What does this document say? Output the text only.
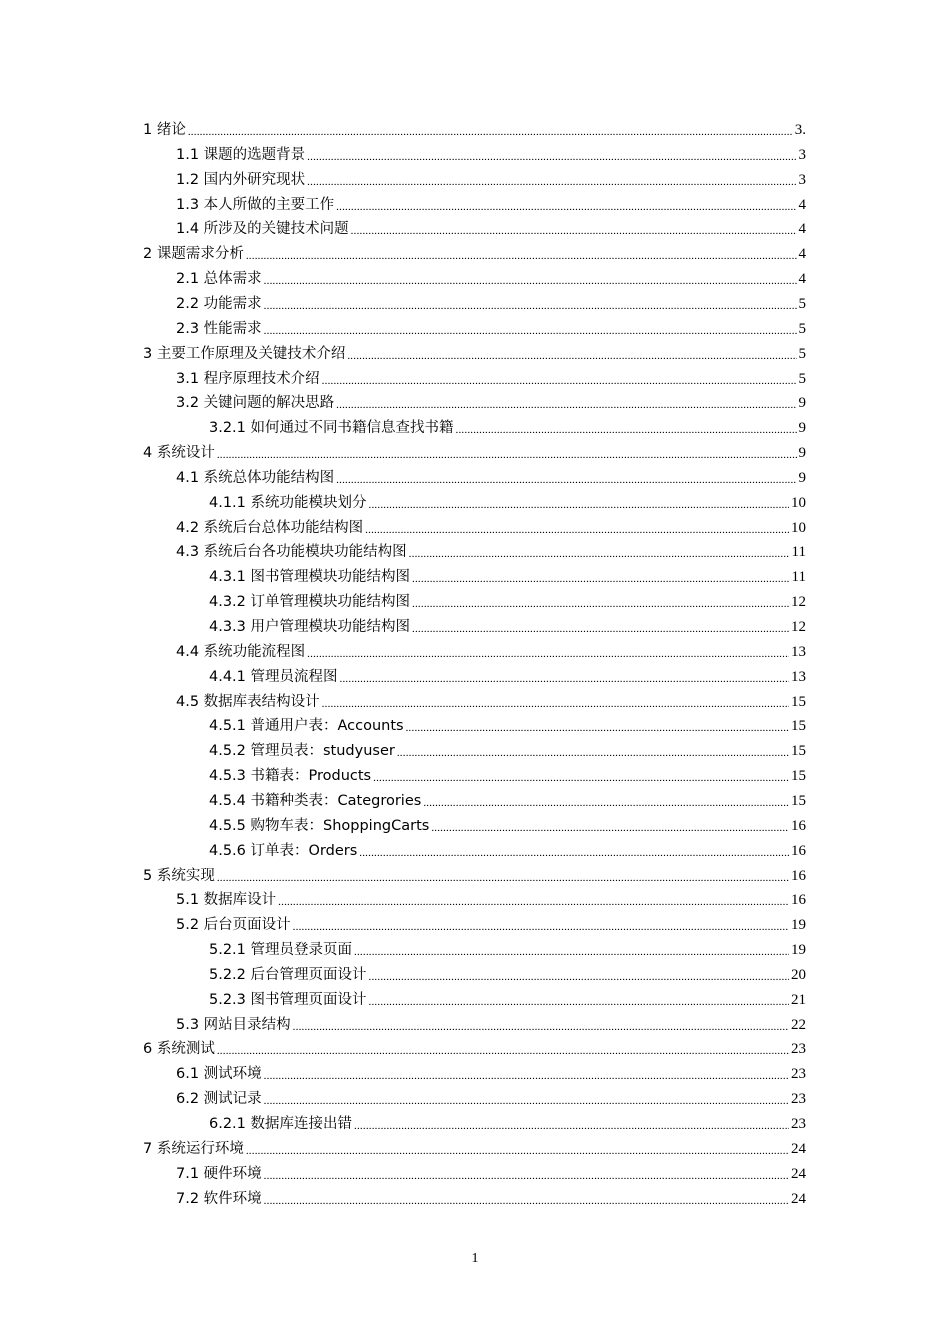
1 绪论 .....	3.
1.1 课题的选题背景 .....	3
1.2 国内外研究现状 .....	3
1.3 本人所做的主要工作 .....	4
1.4 所涉及的关键技术问题 .....	4
2 课题需求分析 .....	4
2.1 总体需求 .....	4
2.2 功能需求 .....	5
2.3 性能需求 .....	5
3 主要工作原理及关键技术介绍 .....	5
3.1 程序原理技术介绍 .....	5
3.2 关键问题的解决思路 .....	9
3.2.1 如何通过不同书籍信息查找书籍 .....	9
4 系统设计 .....	9
4.1 系统总体功能结构图 .....	9
4.1.1 系统功能模块划分 .....	10
4.2 系统后台总体功能结构图 .....	10
4.3 系统后台各功能模块功能结构图 .....	11
4.3.1 图书管理模块功能结构图 .....	11
4.3.2 订单管理模块功能结构图 .....	12
4.3.3 用户管理模块功能结构图 .....	12
4.4 系统功能流程图 .....	13
4.4.1 管理员流程图 .....	13
4.5 数据库表结构设计 .....	15
4.5.1 普通用户表：Accounts .....	15
4.5.2 管理员表：studyuser .....	15
4.5.3 书籍表：Products .....	15
4.5.4 书籍种类表：Categrories .....	15
4.5.5 购物车表：ShoppingCarts .....	16
4.5.6 订单表：Orders .....	16
5 系统实现 .....	16
5.1 数据库设计 .....	16
5.2 后台页面设计 .....	19
5.2.1 管理员登录页面 .....	19
5.2.2 后台管理页面设计 .....	20
5.2.3 图书管理页面设计 .....	21
5.3 网站目录结构 .....	22
6 系统测试 .....	23
6.1 测试环境 .....	23
6.2 测试记录 .....	23
6.2.1 数据库连接出错 .....	23
7 系统运行环境 .....	24
7.1 硬件环境 .....	24
7.2 软件环境 .....	24
1
